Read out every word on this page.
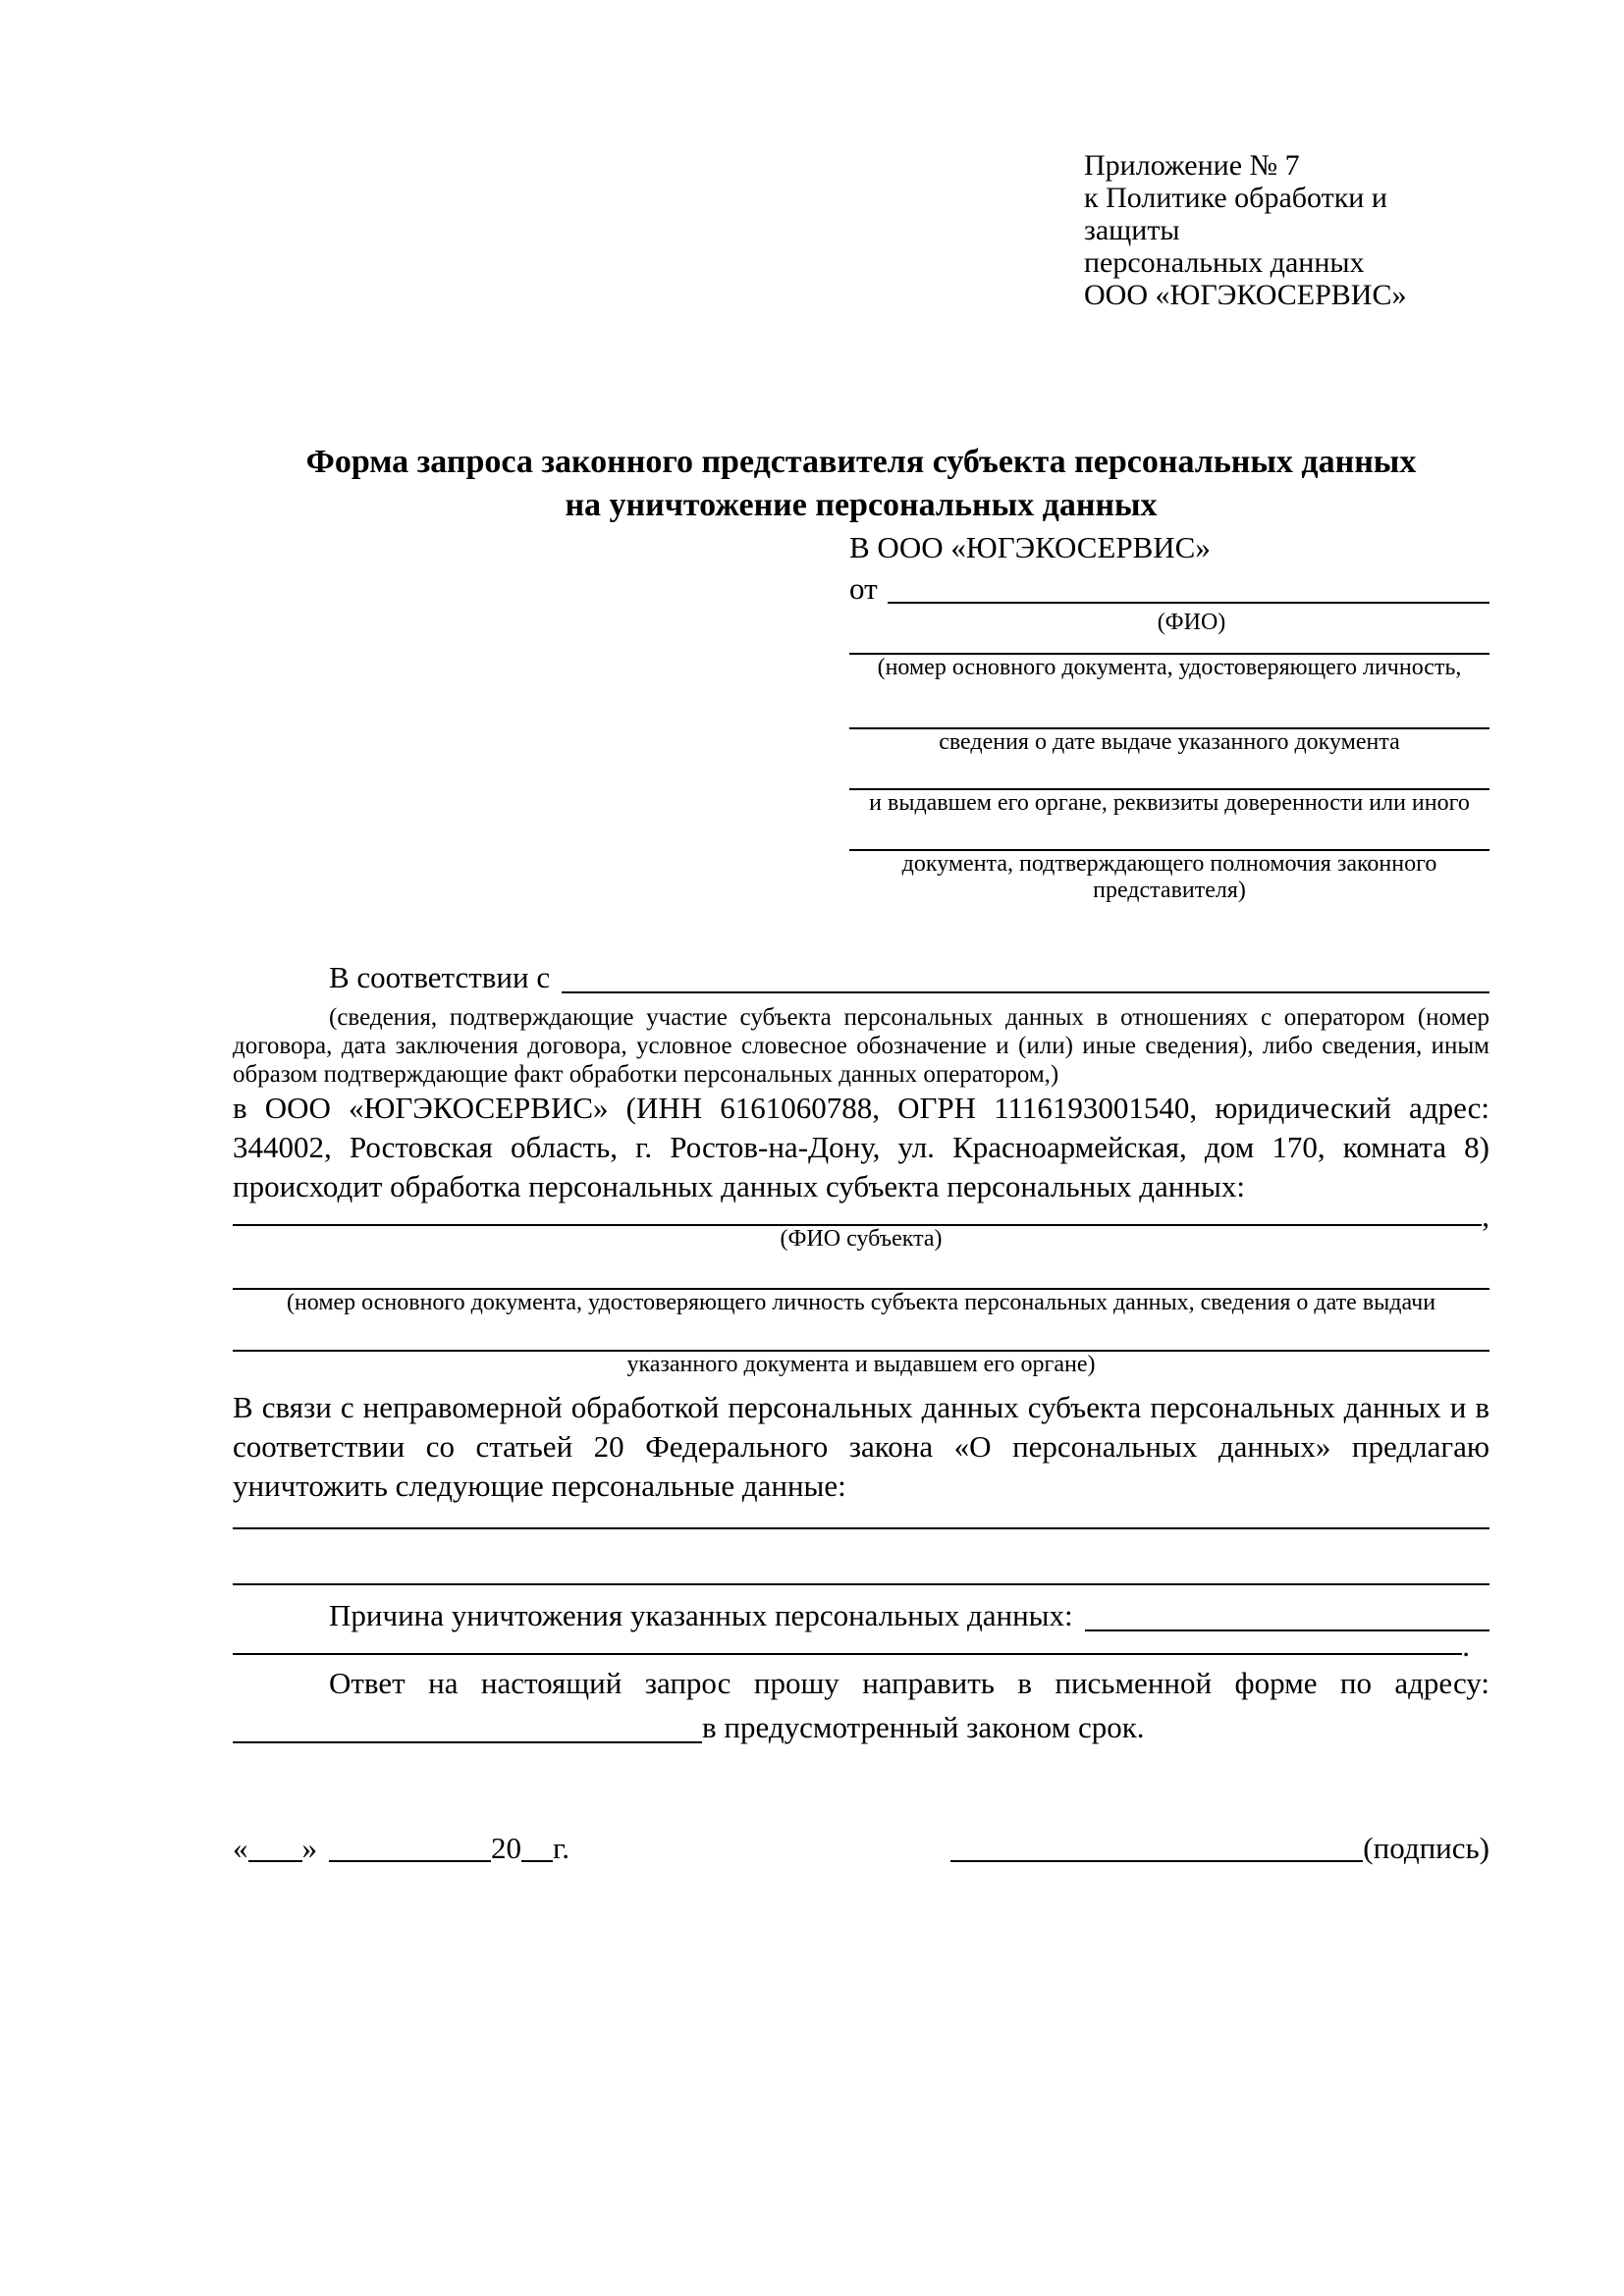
Приложение № 7
к Политике обработки и защиты
персональных данных
ООО «ЮГЭКОСЕРВИС»
Форма запроса законного представителя субъекта персональных данных
на уничтожение персональных данных
В ООО «ЮГЭКОСЕРВИС»
от
(ФИО)
(номер основного документа, удостоверяющего личность,
сведения о дате выдаче указанного документа
и выдавшем его органе, реквизиты доверенности или иного
документа, подтверждающего полномочия законного представителя)
В соответствии с
(сведения, подтверждающие участие субъекта персональных данных в отношениях с оператором (номер договора, дата заключения договора, условное словесное обозначение и (или) иные сведения), либо сведения, иным образом подтверждающие факт обработки персональных данных оператором,)
в ООО «ЮГЭКОСЕРВИС» (ИНН 6161060788, ОГРН 1116193001540, юридический адрес: 344002, Ростовская область, г. Ростов-на-Дону, ул. Красноармейская, дом 170, комната 8) происходит обработка персональных данных субъекта персональных данных:
,
(ФИО субъекта)
(номер основного документа, удостоверяющего личность субъекта персональных данных, сведения о дате выдачи
указанного документа и выдавшем его органе)
В связи с неправомерной обработкой персональных данных субъекта персональных данных и в соответствии со статьей 20 Федерального закона «О персональных данных» предлагаю уничтожить следующие персональные данные:
Причина уничтожения указанных персональных данных:
.
Ответ на настоящий запрос прошу направить в письменной форме по адресу:
в предусмотренный законом срок.
« »	20 г.	(подпись)
